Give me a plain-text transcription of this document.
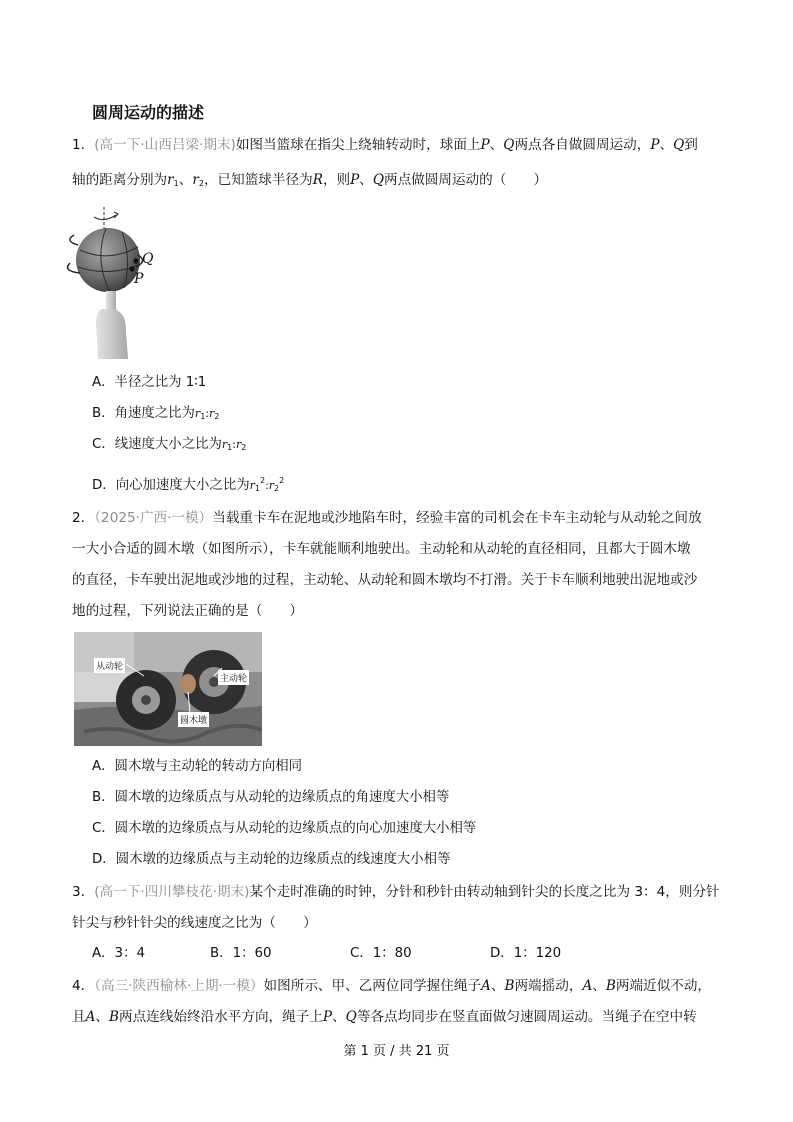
圆周运动的描述
1．(高一下·山西吕梁·期末)如图当篮球在指尖上绕轴转动时，球面上P、Q两点各自做圆周运动，P、Q到
轴的距离分别为$r_1$、$r_2$，已知篮球半径为R，则P、Q两点做圆周运动的（　　）
Q
P
A．半径之比为 1∶1
B．角速度之比为$r_1:r_2$
C．线速度大小之比为$r_1:r_2$
D．向心加速度大小之比为$r_1^2:r_2^2$
2．（2025·广西·一模）当载重卡车在泥地或沙地陷车时，经验丰富的司机会在卡车主动轮与从动轮之间放
一大小合适的圆木墩（如图所示），卡车就能顺利地驶出。主动轮和从动轮的直径相同，且都大于圆木墩
的直径，卡车驶出泥地或沙地的过程，主动轮、从动轮和圆木墩均不打滑。关于卡车顺利地驶出泥地或沙
地的过程，下列说法正确的是（　　）
从动轮
主动轮
圆木墩
A．圆木墩与主动轮的转动方向相同
B．圆木墩的边缘质点与从动轮的边缘质点的角速度大小相等
C．圆木墩的边缘质点与从动轮的边缘质点的向心加速度大小相等
D．圆木墩的边缘质点与主动轮的边缘质点的线速度大小相等
3．(高一下·四川攀枝花·期末)某个走时准确的时钟，分针和秒针由转动轴到针尖的长度之比为 3：4，则分针
针尖与秒针针尖的线速度之比为（　　）
A．3：4	B．1：60	C．1：80	D．1：120
4．（高三·陕西榆林·上期·一模）如图所示、甲、乙两位同学握住绳子A、B两端摇动，A、B两端近似不动，
且A、B两点连线始终沿水平方向，绳子上P、Q等各点均同步在竖直面做匀速圆周运动。当绳子在空中转
第 1 页 / 共 21 页
